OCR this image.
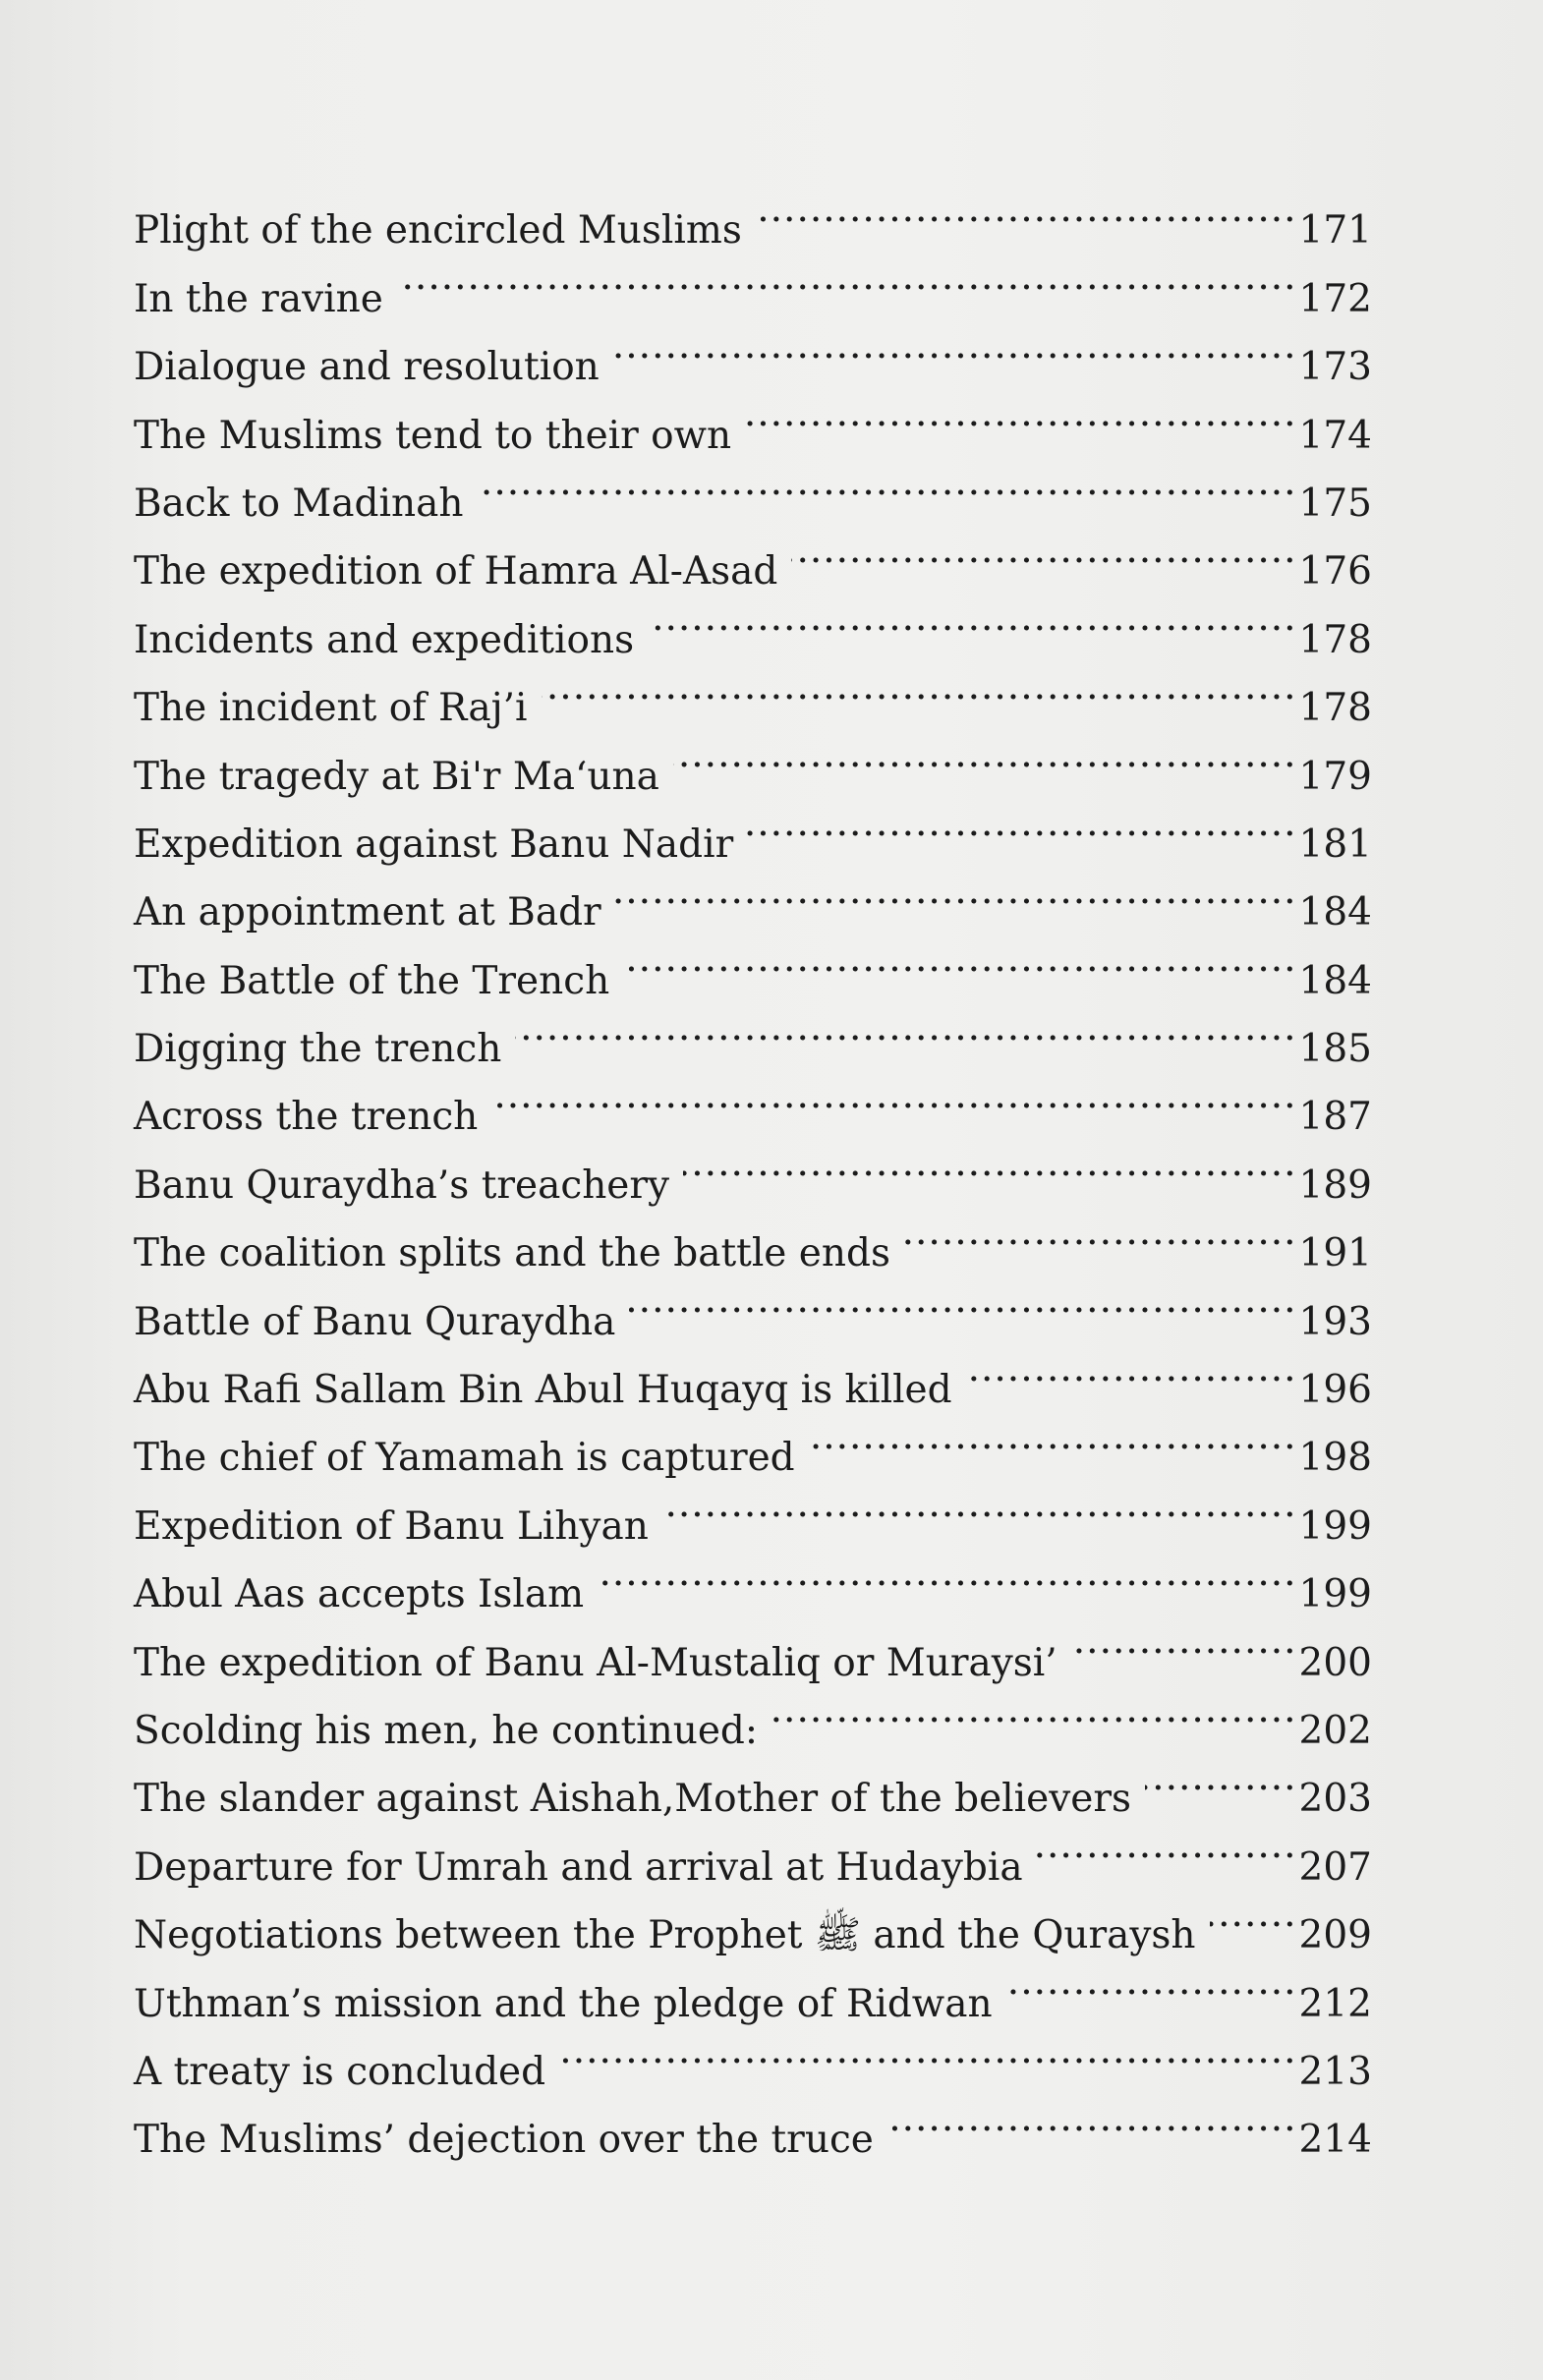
Plight of the encircled Muslims .....	171
In the ravine .....	172
Dialogue and resolution .....	173
The Muslims tend to their own .....	174
Back to Madinah .....	175
The expedition of Hamra Al-Asad .....	176
Incidents and expeditions .....	178
The incident of Raj’i .....	178
The tragedy at Bi'r Ma‘una .....	179
Expedition against Banu Nadir .....	181
An appointment at Badr .....	184
The Battle of the Trench .....	184
Digging the trench .....	185
Across the trench .....	187
Banu Quraydha’s treachery .....	189
The coalition splits and the battle ends .....	191
Battle of Banu Quraydha .....	193
Abu Rafi Sallam Bin Abul Huqayq is killed .....	196
The chief of Yamamah is captured .....	198
Expedition of Banu Lihyan .....	199
Abul Aas accepts Islam .....	199
The expedition of Banu Al-Mustaliq or Muraysi’ .....	200
Scolding his men, he continued: .....	202
The slander against Aishah,Mother of the believers .....	203
Departure for Umrah and arrival at Hudaybia .....	207
Negotiations between the Prophet ﷺ and the Quraysh .....	209
Uthman’s mission and the pledge of Ridwan .....	212
A treaty is concluded .....	213
The Muslims’ dejection over the truce .....	214
